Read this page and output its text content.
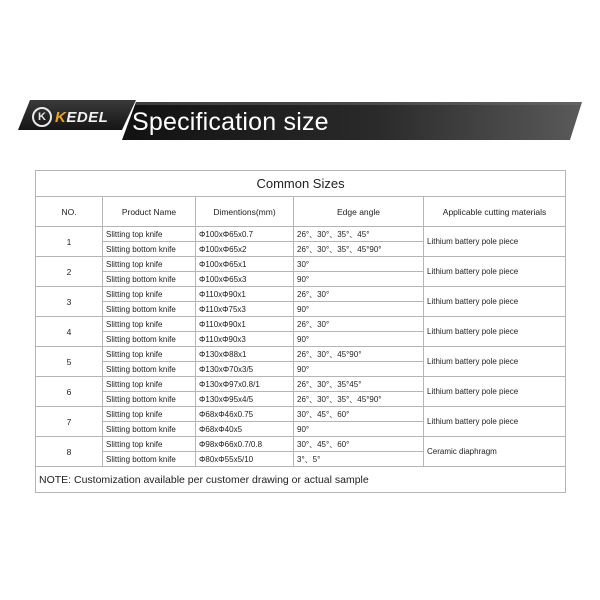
K KEDEL Specification size
Common Sizes				
NO.	Product Name	Dimentions(mm)	Edge angle	Applicable cutting materials
1	Slitting top knife	Φ100xΦ65x0.7	26°、30°、35°、45°	Lithium battery pole piece
	Slitting bottom knife	Φ100xΦ65x2	26°、30°、35°、45°90°	
2	Slitting top knife	Φ100xΦ65x1	30°	Lithium battery pole piece
	Slitting bottom knife	Φ100xΦ65x3	90°	
3	Slitting top knife	Φ110xΦ90x1	26°、30°	Lithium battery pole piece
	Slitting bottom knife	Φ110xΦ75x3	90°	
4	Slitting top knife	Φ110xΦ90x1	26°、30°	Lithium battery pole piece
	Slitting bottom knife	Φ110xΦ90x3	90°	
5	Slitting top knife	Φ130xΦ88x1	26°、30°、45°90°	Lithium battery pole piece
	Slitting bottom knife	Φ130xΦ70x3/5	90°	
6	Slitting top knife	Φ130xΦ97x0.8/1	26°、30°、35°45°	Lithium battery pole piece
	Slitting bottom knife	Φ130xΦ95x4/5	26°、30°、35°、45°90°	
7	Slitting top knife	Φ68xΦ46x0.75	30°、45°、60°	Lithium battery pole piece
	Slitting bottom knife	Φ68xΦ40x5	90°	
8	Slitting top knife	Φ98xΦ66x0.7/0.8	30°、45°、60°	Ceramic diaphragm
	Slitting bottom knife	Φ80xΦ55x5/10	3°、5°	
NOTE: Customization available per customer drawing or actual sample				
